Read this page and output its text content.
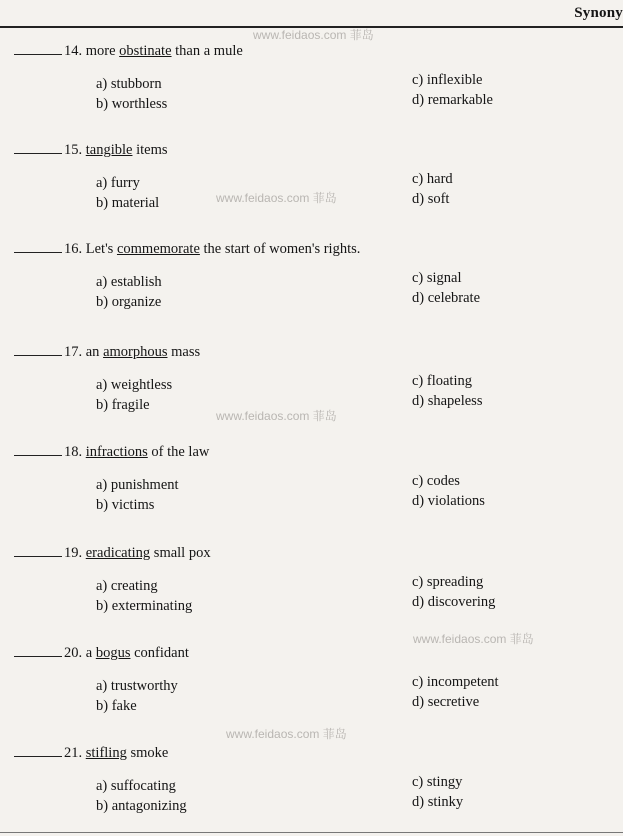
Synony
www.feidaos.com 菲岛
www.feidaos.com 菲岛
www.feidaos.com 菲岛
www.feidaos.com 菲岛
www.feidaos.com 菲岛
14. more obstinate than a mule
a) stubborn
b) worthless
c) inflexible
d) remarkable
15. tangible items
a) furry
b) material
c) hard
d) soft
16. Let's commemorate the start of women's rights.
a) establish
b) organize
c) signal
d) celebrate
17. an amorphous mass
a) weightless
b) fragile
c) floating
d) shapeless
18. infractions of the law
a) punishment
b) victims
c) codes
d) violations
19. eradicating small pox
a) creating
b) exterminating
c) spreading
d) discovering
20. a bogus confidant
a) trustworthy
b) fake
c) incompetent
d) secretive
21. stifling smoke
a) suffocating
b) antagonizing
c) stingy
d) stinky
